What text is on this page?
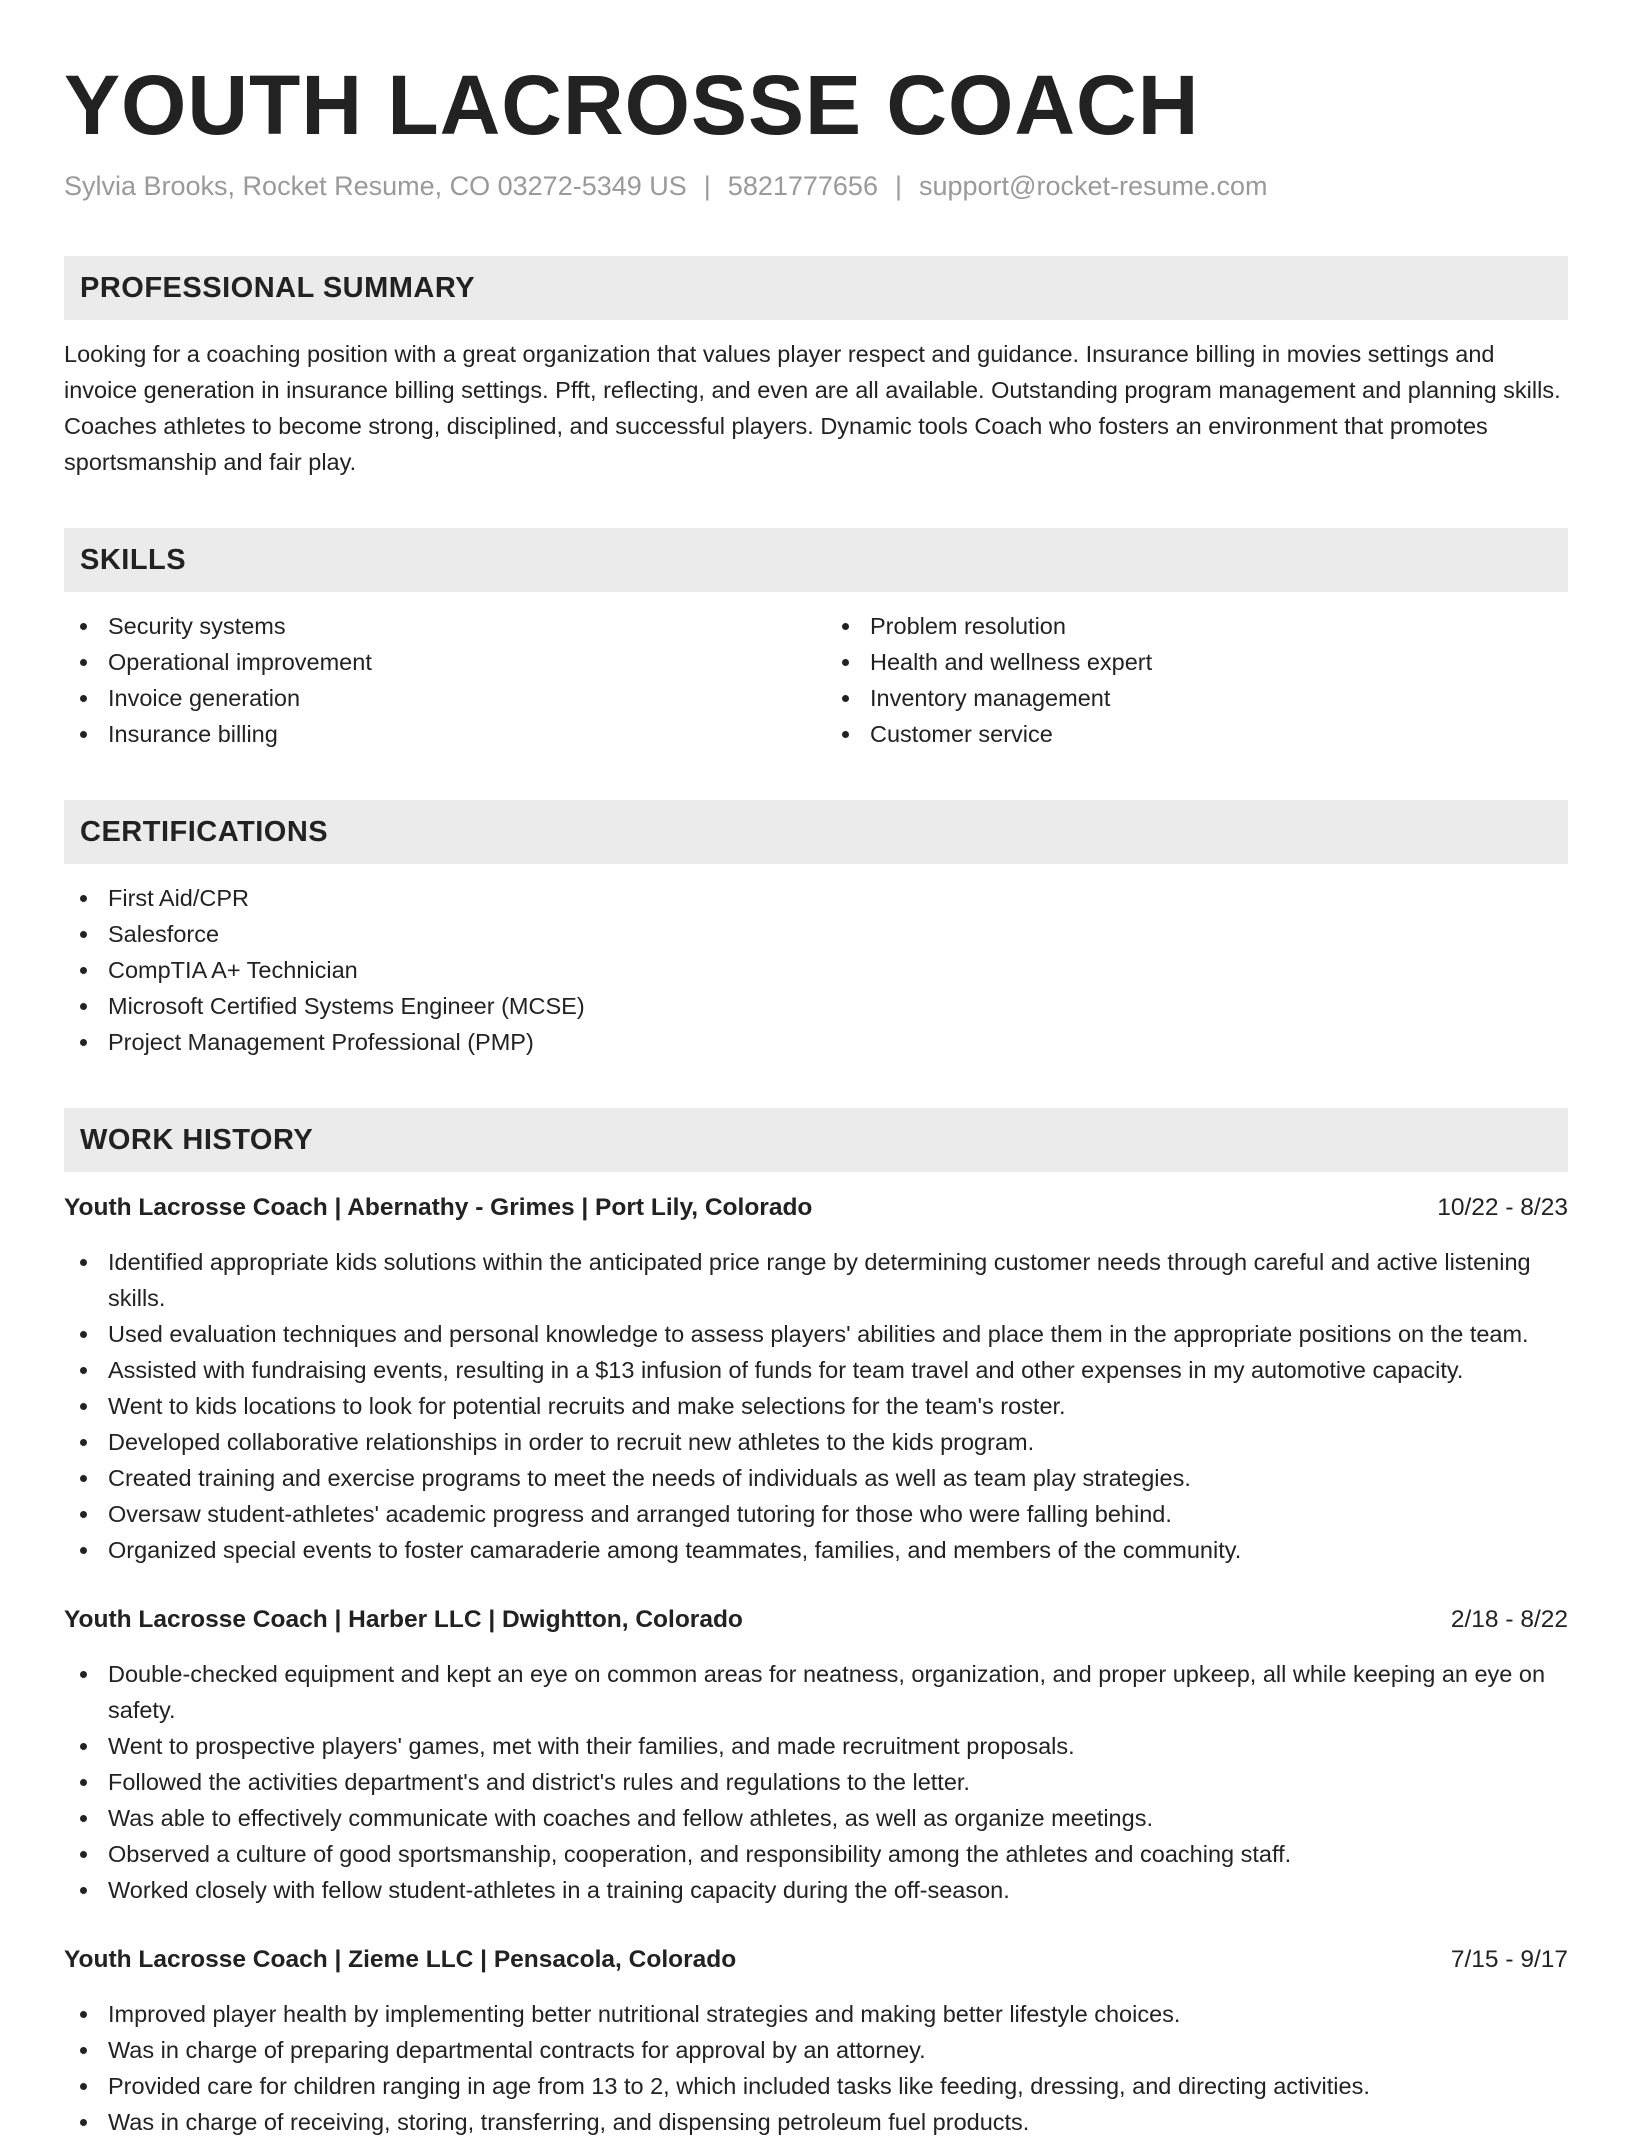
YOUTH LACROSSE COACH
Sylvia Brooks, Rocket Resume, CO 03272-5349 US | 5821777656 | support@rocket-resume.com
PROFESSIONAL SUMMARY

Looking for a coaching position with a great organization that values player respect and guidance. Insurance billing in movies settings and invoice generation in insurance billing settings. Pfft, reflecting, and even are all available. Outstanding program management and planning skills. Coaches athletes to become strong, disciplined, and successful players. Dynamic tools Coach who fosters an environment that promotes sportsmanship and fair play.

SKILLS
Security systems
Operational improvement
Invoice generation
Insurance billing
Problem resolution
Health and wellness expert
Inventory management
Customer service
CERTIFICATIONS
First Aid/CPR
Salesforce
CompTIA A+ Technician
Microsoft Certified Systems Engineer (MCSE)
Project Management Professional (PMP)
WORK HISTORY
Youth Lacrosse Coach | Abernathy - Grimes | Port Lily, Colorado	10/22 - 8/23
Identified appropriate kids solutions within the anticipated price range by determining customer needs through careful and active listening skills.
Used evaluation techniques and personal knowledge to assess players' abilities and place them in the appropriate positions on the team.
Assisted with fundraising events, resulting in a $13 infusion of funds for team travel and other expenses in my automotive capacity.
Went to kids locations to look for potential recruits and make selections for the team's roster.
Developed collaborative relationships in order to recruit new athletes to the kids program.
Created training and exercise programs to meet the needs of individuals as well as team play strategies.
Oversaw student-athletes' academic progress and arranged tutoring for those who were falling behind.
Organized special events to foster camaraderie among teammates, families, and members of the community.
Youth Lacrosse Coach | Harber LLC | Dwightton, Colorado	2/18 - 8/22
Double-checked equipment and kept an eye on common areas for neatness, organization, and proper upkeep, all while keeping an eye on safety.
Went to prospective players' games, met with their families, and made recruitment proposals.
Followed the activities department's and district's rules and regulations to the letter.
Was able to effectively communicate with coaches and fellow athletes, as well as organize meetings.
Observed a culture of good sportsmanship, cooperation, and responsibility among the athletes and coaching staff.
Worked closely with fellow student-athletes in a training capacity during the off-season.
Youth Lacrosse Coach | Zieme LLC | Pensacola, Colorado	7/15 - 9/17
Improved player health by implementing better nutritional strategies and making better lifestyle choices.
Was in charge of preparing departmental contracts for approval by an attorney.
Provided care for children ranging in age from 13 to 2, which included tasks like feeding, dressing, and directing activities.
Was in charge of receiving, storing, transferring, and dispensing petroleum fuel products.
